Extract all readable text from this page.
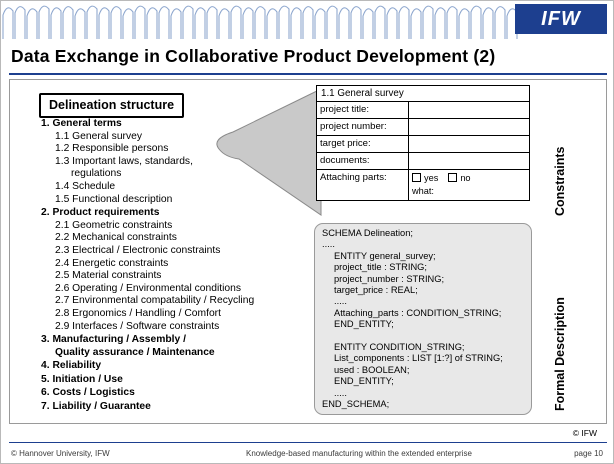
IFW
Data Exchange in Collaborative Product Development (2)
Delineation structure
1. General terms
1.1 General survey
1.2 Responsible persons
1.3 Important laws, standards,
regulations
1.4 Schedule
1.5 Functional description
2. Product requirements
2.1 Geometric constraints
2.2 Mechanical constraints
2.3 Electrical / Electronic constraints
2.4 Energetic constraints
2.5 Material constraints
2.6 Operating / Environmental conditions
2.7 Environmental compatability / Recycling
2.8 Ergonomics / Handling / Comfort
2.9 Interfaces / Software constraints
3. Manufacturing / Assembly /
Quality assurance / Maintenance
4. Reliability
5. Initiation / Use
6. Costs / Logistics
7. Liability / Guarantee
1.1 General survey
project title:
project number:
target price:
documents:
Attaching parts:	yes	no
what:
SCHEMA Delineation;
.....
ENTITY general_survey;
project_title : STRING;
project_number : STRING;
target_price : REAL;
.....
Attaching_parts : CONDITION_STRING;
END_ENTITY;

ENTITY CONDITION_STRING;
List_components : LIST [1:?] of STRING;
used : BOOLEAN;
END_ENTITY;
.....
END_SCHEMA;
Constraints
Formal Description
© IFW
© Hannover University, IFW	Knowledge-based manufacturing within the extended enterprise	page 10
